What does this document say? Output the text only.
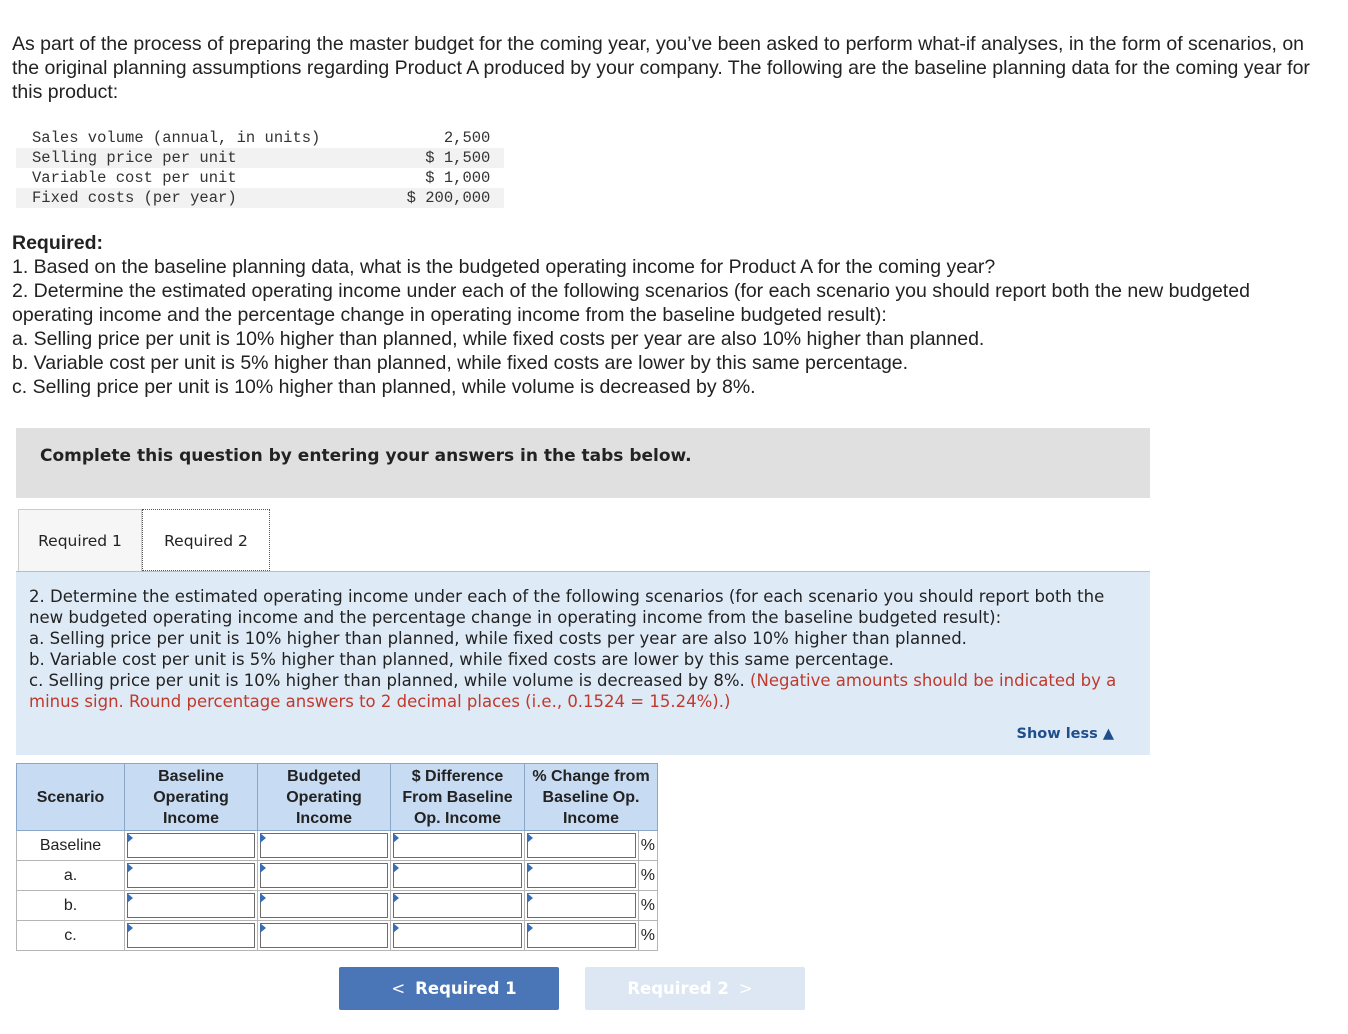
As part of the process of preparing the master budget for the coming year, you’ve been asked to perform what-if analyses, in the form of scenarios, on the original planning assumptions regarding Product A produced by your company. The following are the baseline planning data for the coming year for this product:

Sales volume (annual, in units)	2,500
Selling price per unit	$ 1,500
Variable cost per unit	$ 1,000
Fixed costs (per year)	$ 200,000

Required:

1. Based on the baseline planning data, what is the budgeted operating income for Product A for the coming year?

2. Determine the estimated operating income under each of the following scenarios (for each scenario you should report both the new budgeted operating income and the percentage change in operating income from the baseline budgeted result):

a. Selling price per unit is 10% higher than planned, while fixed costs per year are also 10% higher than planned.

b. Variable cost per unit is 5% higher than planned, while fixed costs are lower by this same percentage.

c. Selling price per unit is 10% higher than planned, while volume is decreased by 8%.

Complete this question by entering your answers in the tabs below.
Required 1	Required 2

2. Determine the estimated operating income under each of the following scenarios (for each scenario you should report both the new budgeted operating income and the percentage change in operating income from the baseline budgeted result):

a. Selling price per unit is 10% higher than planned, while fixed costs per year are also 10% higher than planned.

b. Variable cost per unit is 5% higher than planned, while fixed costs are lower by this same percentage.

c. Selling price per unit is 10% higher than planned, while volume is decreased by 8%. (Negative amounts should be indicated by a minus sign. Round percentage answers to 2 decimal places (i.e., 0.1524 = 15.24%).)

Show less ▲
Scenario	Baseline Operating Income	Budgeted Operating Income	$ Difference From Baseline Op. Income	% Change from Baseline Op. Income	
Baseline					%
a.					%
b.					%
c.					%
< Required 1	Required 2 >
